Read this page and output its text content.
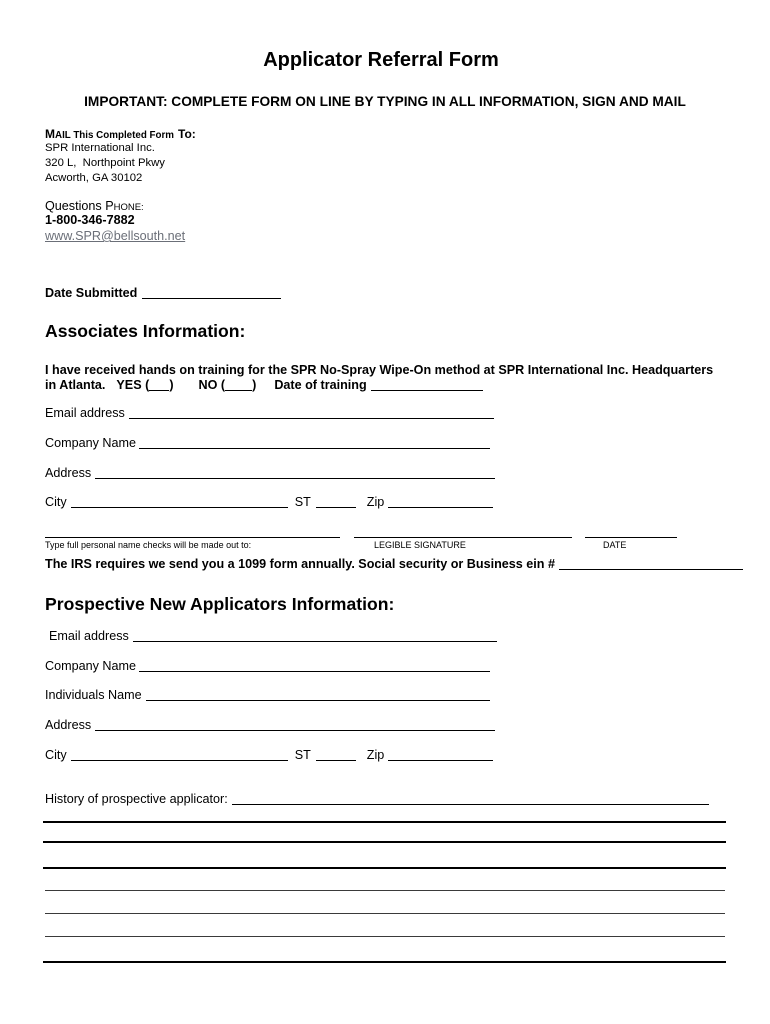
Applicator Referral Form
IMPORTANT: COMPLETE FORM ON LINE BY TYPING IN ALL INFORMATION, SIGN AND MAIL
MAIL This Completed Form To:
SPR International Inc.
320 L,  Northpoint Pkwy
Acworth, GA 30102
Questions PHONE:
1-800-346-7882
www.SPR@bellsouth.net
Date Submitted
Associates Information:
I have received hands on training for the SPR No-Spray Wipe-On method at SPR International Inc. Headquarters
in Atlanta. YES ( ) NO ( ) Date of training
Email address
Company Name
Address
City	ST	Zip
Type full personal name checks will be made out to:	LEGIBLE SIGNATURE	DATE
The IRS requires we send you a 1099 form annually. Social security or Business ein #
Prospective New Applicators Information:
Email address
Company Name
Individuals Name
Address
City	ST	Zip
History of prospective applicator:
